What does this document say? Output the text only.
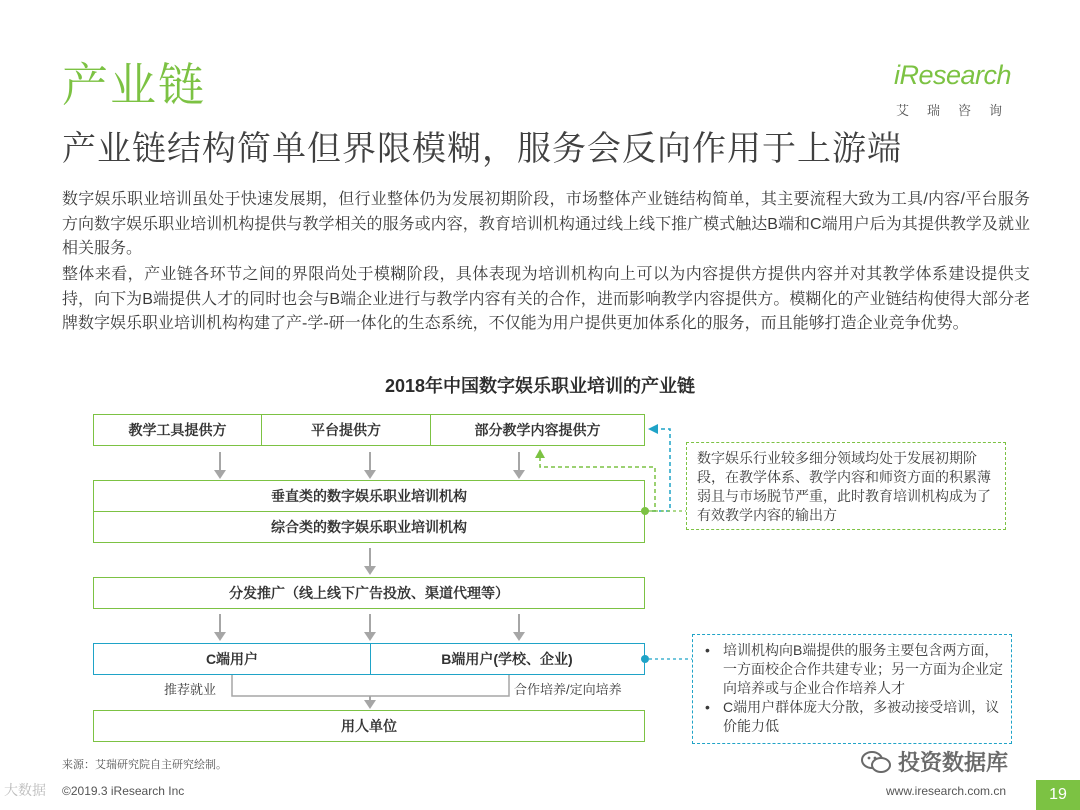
产业链
产业链结构简单但界限模糊，服务会反向作用于上游端
iResearch
艾瑞咨询
数字娱乐职业培训虽处于快速发展期，但行业整体仍为发展初期阶段，市场整体产业链结构简单，其主要流程大致为工具/内容/平台服务方向数字娱乐职业培训机构提供与教学相关的服务或内容，教育培训机构通过线上线下推广模式触达B端和C端用户后为其提供教学及就业相关服务。
整体来看，产业链各环节之间的界限尚处于模糊阶段，具体表现为培训机构向上可以为内容提供方提供内容并对其教学体系建设提供支持，向下为B端提供人才的同时也会与B端企业进行与教学内容有关的合作，进而影响教学内容提供方。模糊化的产业链结构使得大部分老牌数字娱乐职业培训机构构建了产-学-研一体化的生态系统，不仅能为用户提供更加体系化的服务，而且能够打造企业竞争优势。
2018年中国数字娱乐职业培训的产业链
教学工具提供方	平台提供方	部分教学内容提供方
垂直类的数字娱乐职业培训机构
综合类的数字娱乐职业培训机构
分发推广（线上线下广告投放、渠道代理等）
C端用户	B端用户(学校、企业)
推荐就业	合作培养/定向培养
用人单位
数字娱乐行业较多细分领域均处于发展初期阶段，在教学体系、教学内容和师资方面的积累薄弱且与市场脱节严重，此时教育培训机构成为了有效教学内容的输出方
• 培训机构向B端提供的服务主要包含两方面，一方面校企合作共建专业；另一方面为企业定向培养或与企业合作培养人才
• C端用户群体庞大分散，多被动接受培训，议价能力低
来源：艾瑞研究院自主研究绘制。
©2019.3 iResearch Inc
大数据
投资数据库
www.iresearch.com.cn	19
